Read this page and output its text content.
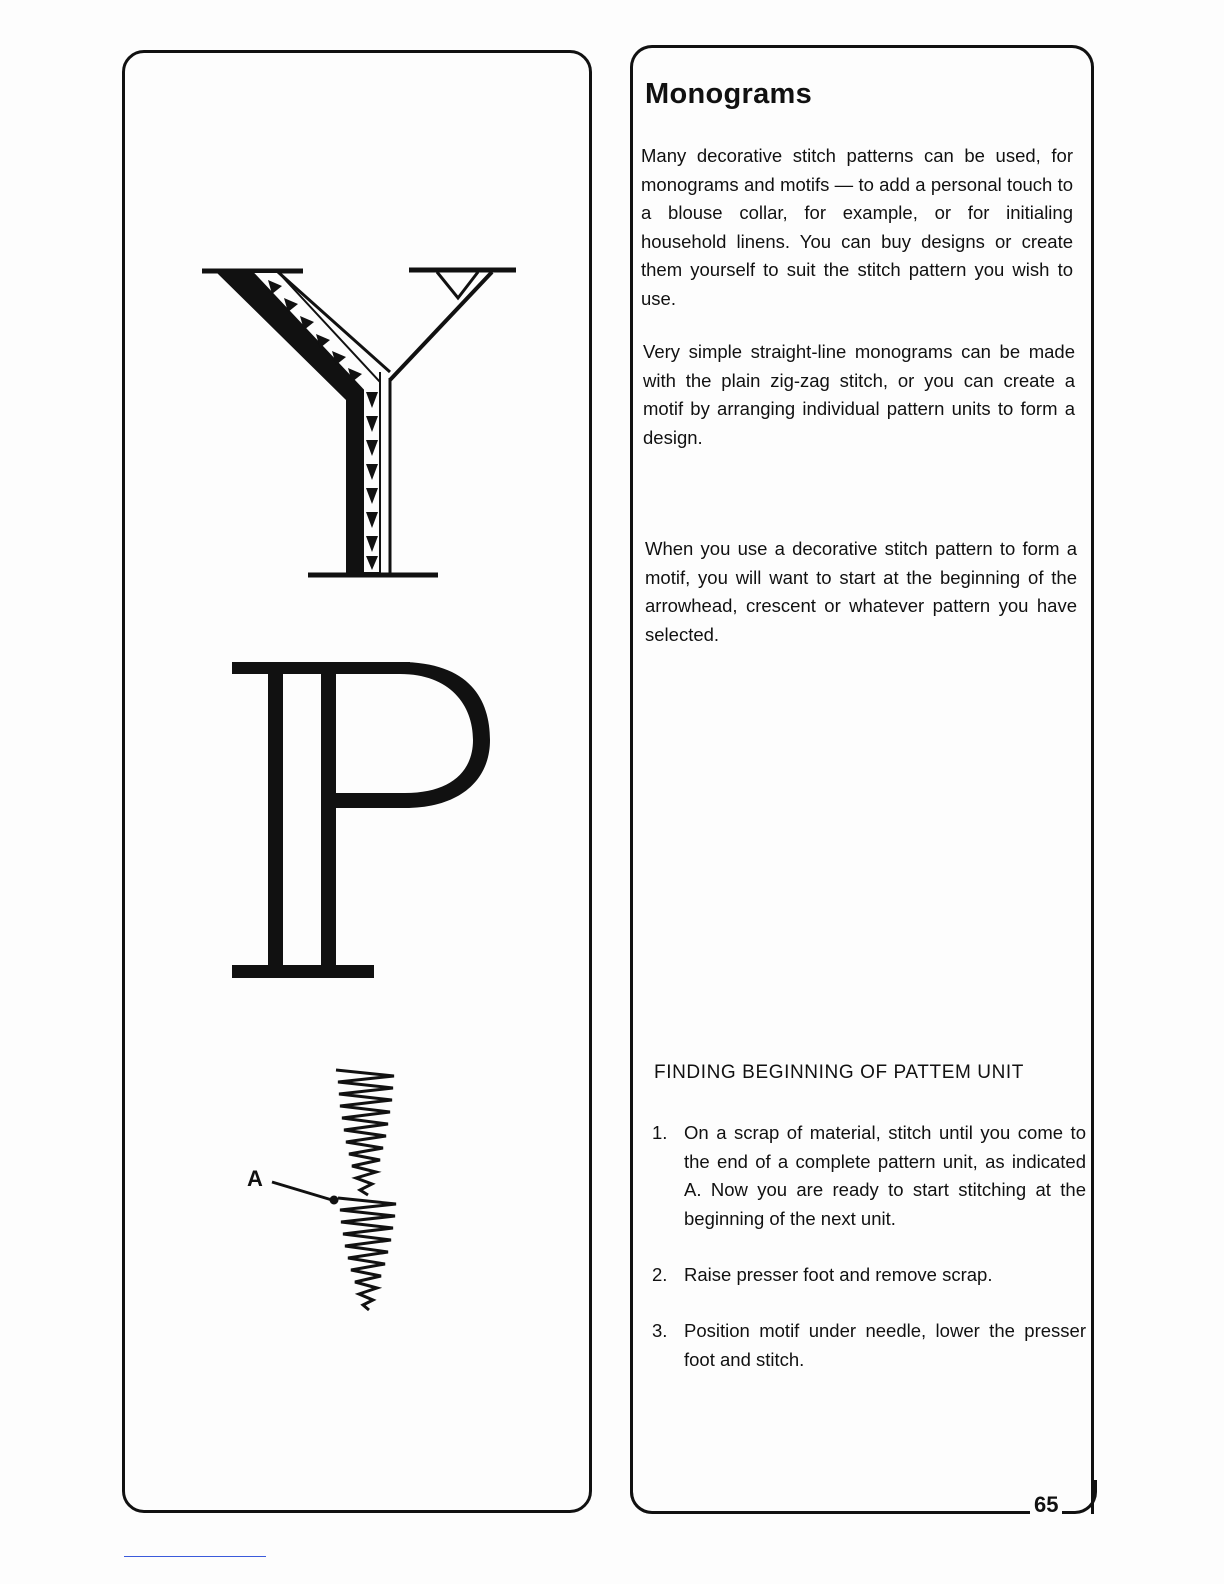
A
Monograms

Many decorative stitch patterns can be used, for monograms and motifs — to add a personal touch to a blouse collar, for example, or for initialing household linens. You can buy designs or create them yourself to suit the stitch pattern you wish to use.

Very simple straight-line monograms can be made with the plain zig-zag stitch, or you can create a motif by arranging individual pattern units to form a design.

When you use a decorative stitch pattern to form a motif, you will want to start at the beginning of the arrowhead, crescent or whatever pattern you have selected.

FINDING BEGINNING OF PATTEM UNIT
1. On a scrap of material, stitch until you come to the end of a complete pattern unit, as indicated A. Now you are ready to start stitching at the beginning of the next unit.
2. Raise presser foot and remove scrap.
3. Position motif under needle, lower the presser foot and stitch.
65
